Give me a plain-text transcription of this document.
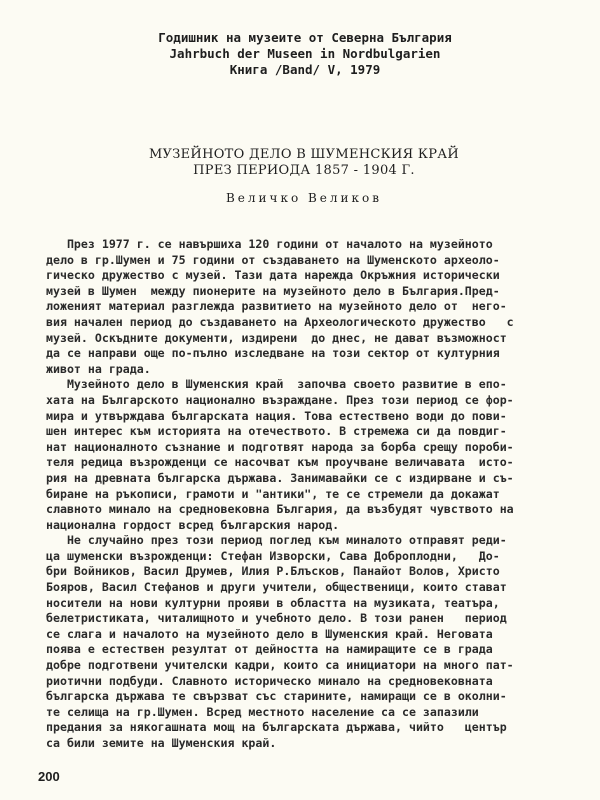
Годишник на музеите от Северна България
Jahrbuch der Museen in Nordbulgarien
Книга /Band/ V, 1979
МУЗЕЙНОТО ДЕЛО В ШУМЕНСКИЯ КРАЙ
ПРЕЗ ПЕРИОДА 1857 - 1904 Г.
Величко Великов
През 1977 г. се навършиха 120 години от началото на музейното
дело в гр.Шумен и 75 години от създаването на Шуменското археоло-
гическо дружество с музей. Тази дата нарежда Окръжния исторически
музей в Шумен  между пионерите на музейното дело в България.Пред-
ложеният материал разглежда развитието на музейното дело от  него-
вия начален период до създаването на Археологическото дружество   с
музей. Оскъдните документи, издирени  до днес, не дават възможност
да се направи още по-пълно изследване на този сектор от културния
живот на града.
Музейното дело в Шуменския край  започва своето развитие в епо-
хата на Българското национално възраждане. През този период се фор-
мира и утвърждава българската нация. Това естествено води до пови-
шен интерес към историята на отечеството. В стремежа си да повдиг-
нат националното съзнание и подготвят народа за борба срещу пороби-
теля редица възрожденци се насочват към проучване величавата  исто-
рия на древната българска държава. Занимавайки се с издирване и съ-
биране на ръкописи, грамоти и "антики", те се стремели да докажат
славното минало на средновековна България, да възбудят чувството на
национална гордост всред българския народ.
Не случайно през този период поглед към миналото отправят реди-
ца шуменски възрожденци: Стефан Изворски, Сава Доброплодни,   До-
бри Войников, Васил Друмев, Илия Р.Блъсков, Панайот Волов, Христо
Бояров, Васил Стефанов и други учители, общественици, които стават
носители на нови културни прояви в областта на музиката, театъра,
белетристиката, читалищното и учебното дело. В този ранен   период
се слага и началото на музейното дело в Шуменския край. Неговата
поява е естествен резултат от дейността на намиращите се в града
добре подготвени учителски кадри, които са инициатори на много пат-
риотични подбуди. Славното историческо минало на средновековната
българска държава те свързват със старините, намиращи се в околни-
те селища на гр.Шумен. Всред местното население са се запазили
предания за някогашната мощ на българската държава, чийто   център
са били земите на Шуменския край.
200
